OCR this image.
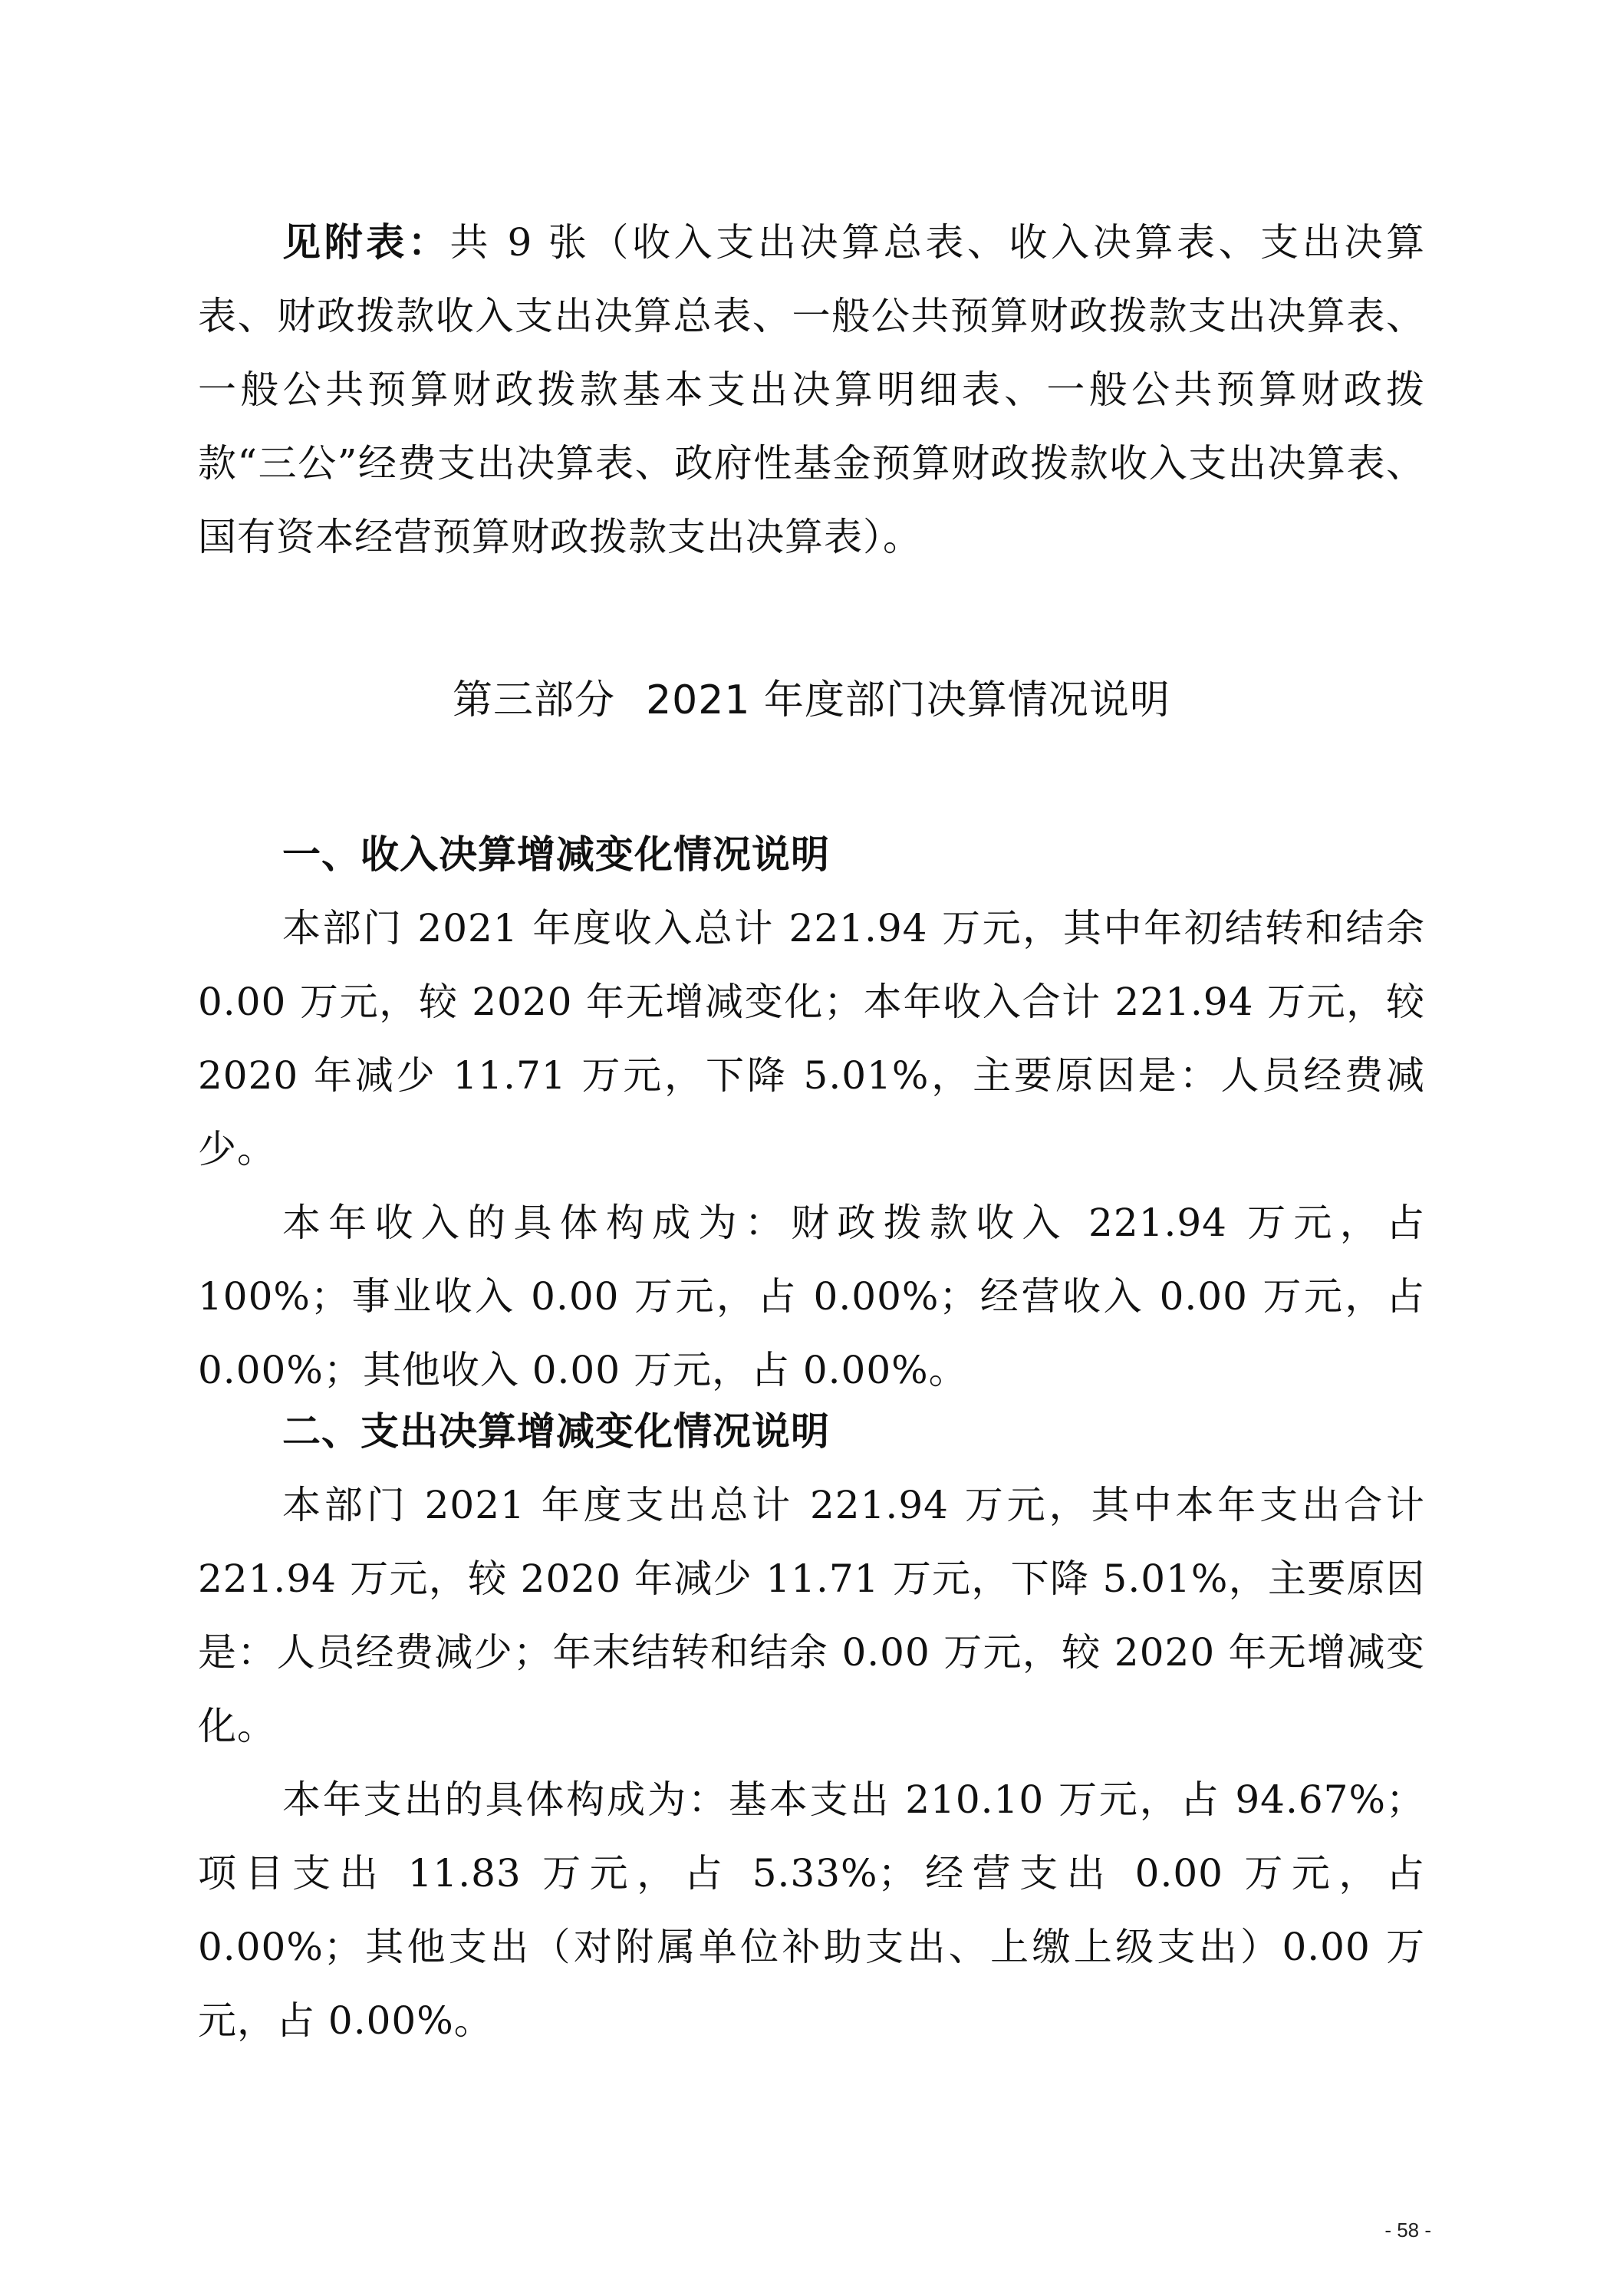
见附表：共 9 张（收入支出决算总表、收入决算表、支出决算表、财政拨款收入支出决算总表、一般公共预算财政拨款支出决算表、一般公共预算财政拨款基本支出决算明细表、一般公共预算财政拨款“三公”经费支出决算表、政府性基金预算财政拨款收入支出决算表、国有资本经营预算财政拨款支出决算表）。

第三部分 2021 年度部门决算情况说明
一、收入决算增减变化情况说明

本部门 2021 年度收入总计 221.94 万元，其中年初结转和结余 0.00 万元，较 2020 年无增减变化；本年收入合计 221.94 万元，较 2020 年减少 11.71 万元，下降 5.01%，主要原因是：人员经费减少。

本年收入的具体构成为：财政拨款收入 221.94 万元，占 100%；事业收入 0.00 万元，占 0.00%；经营收入 0.00 万元，占 0.00%；其他收入 0.00 万元，占 0.00%。

二、支出决算增减变化情况说明

本部门 2021 年度支出总计 221.94 万元，其中本年支出合计 221.94 万元，较 2020 年减少 11.71 万元，下降 5.01%，主要原因是：人员经费减少；年末结转和结余 0.00 万元，较 2020 年无增减变化。

本年支出的具体构成为：基本支出 210.10 万元，占 94.67%；项目支出 11.83 万元，占 5.33%；经营支出 0.00 万元，占 0.00%；其他支出（对附属单位补助支出、上缴上级支出）0.00 万元，占 0.00%。

- 58 -
